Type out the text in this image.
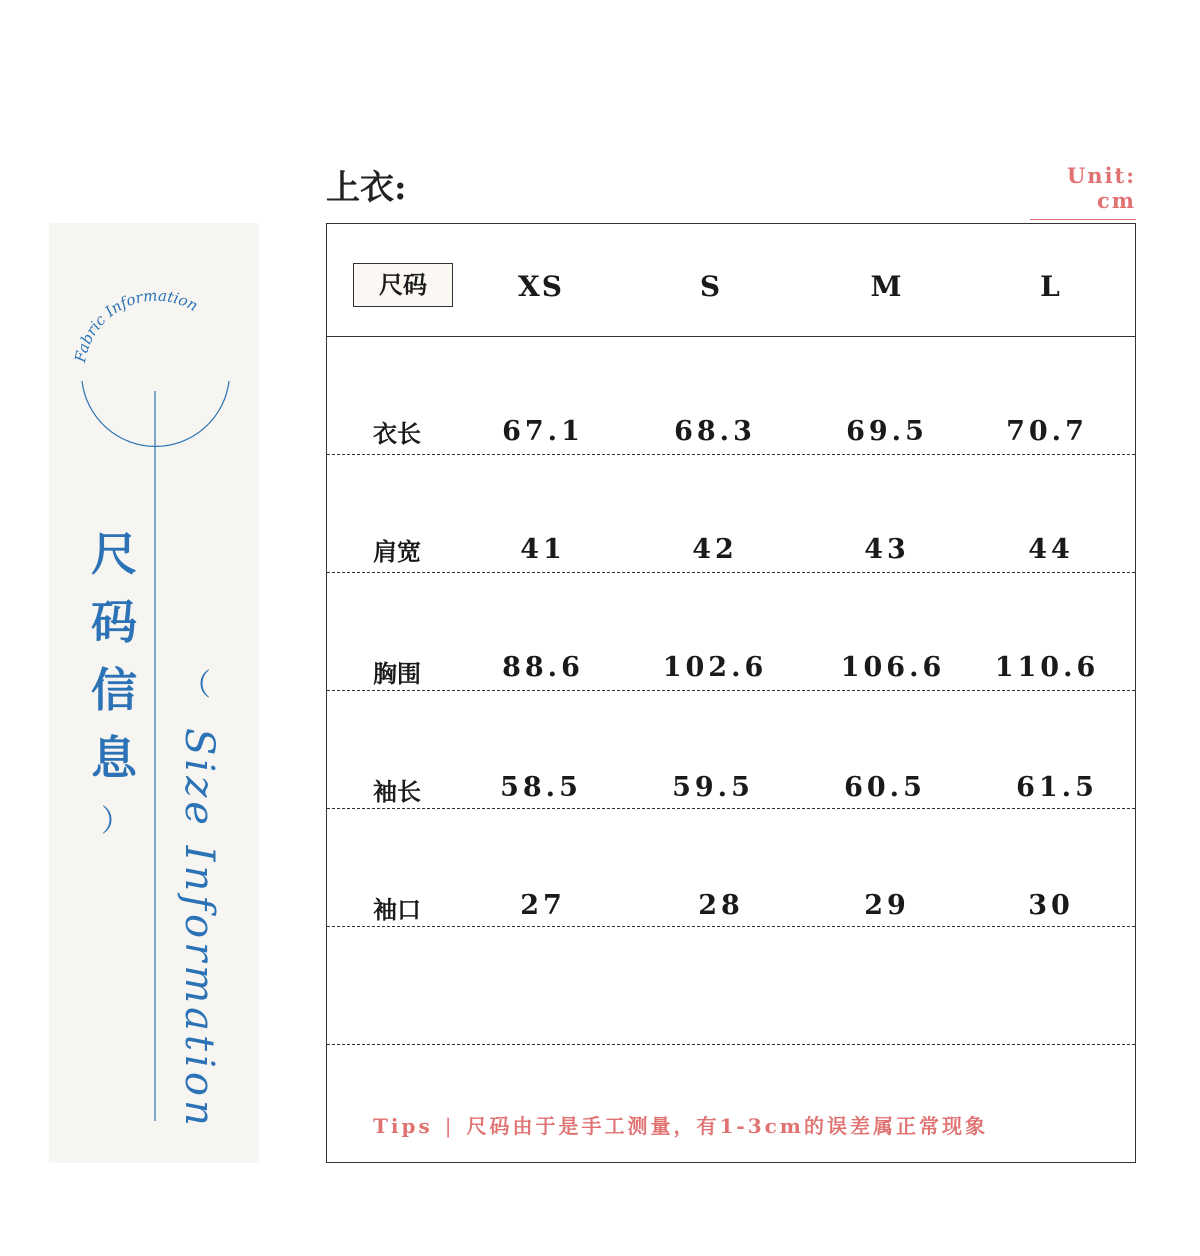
Fabric Information
尺
码
信
息
（
） Size Information
上衣:	Unit: cm
尺码	XS	S	M	L
衣长	67.1	68.3	69.5	70.7
肩宽	41	42	43	44
胸围	88.6	102.6	106.6	110.6
袖长	58.5	59.5	60.5	61.5
袖口	27	28	29	30
Tips | 尺码由于是手工测量，有1-3cm的误差属正常现象
